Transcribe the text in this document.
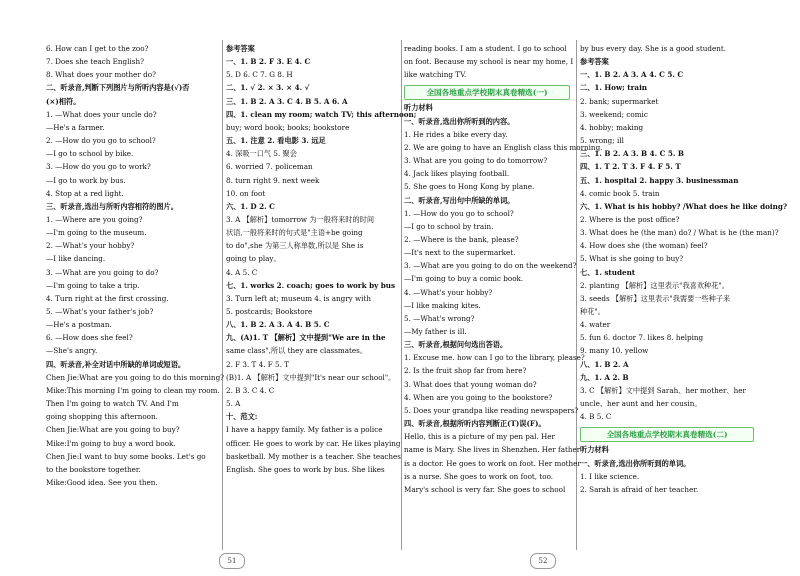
6. How can I get to the zoo?
7. Does she teach English?
8. What does your mother do?
二、听录音,判断下列图片与所听内容是(√)否
(×)相符。
1. —What does your uncle do?
—He's a farmer.
2. —How do you go to school?
—I go to school by bike.
3. —How do you go to work?
—I go to work by bus.
4. Stop at a red light.
三、听录音,选出与所听内容相符的图片。
1. —Where are you going?
—I'm going to the museum.
2. —What's your hobby?
—I like dancing.
3. —What are you going to do?
—I'm going to take a trip.
4. Turn right at the first crossing.
5. —What's your father's job?
—He's a postman.
6. —How does she feel?
—She's angry.
四、听录音,补全对话中所缺的单词或短语。
Chen Jie:What are you going to do this morning?
Mike:This morning I'm going to clean my room.
Then I'm going to watch TV. And I'm
going shopping this afternoon.
Chen Jie:What are you going to buy?
Mike:I'm going to buy a word book.
Chen Jie:I want to buy some books. Let's go
to the bookstore together.
Mike:Good idea. See you then.
参考答案
一、1. B 2. F 3. E 4. C
5. D 6. C 7. G 8. H
二、1. √ 2. × 3. × 4. √
三、1. B 2. A 3. C 4. B 5. A 6. A
四、1. clean my room; watch TV; this afternoon;
buy; word book; books; bookstore
五、1. 注意 2. 看电影 3. 远足
4. 深吸一口气 5. 聚会
6. worried 7. policeman
8. turn right 9. next week
10. on foot
六、1. D 2. C
3. A 【解析】tomorrow 为一般将来时的时间
状语,一般将来时的句式是"主语+be going
to do",she 为第三人称单数,所以是 She is
going to play。
4. A 5. C
七、1. works 2. coach; goes to work by bus
3. Turn left at; museum 4. is angry with
5. postcards; Bookstore
八、1. B 2. A 3. A 4. B 5. C
九、(A)1. T 【解析】文中提到"We are in the
same class",所以 they are classmates。
2. F 3. T 4. F 5. T
(B)1. A 【解析】文中提到"It's near our school"。
2. B 3. C 4. C
5. A
十、范文:
I have a happy family. My father is a police
officer. He goes to work by car. He likes playing
basketball. My mother is a teacher. She teaches
English. She goes to work by bus. She likes
reading books. I am a student. I go to school
on foot. Because my school is near my home, I
like watching TV.
全国各地重点学校期末真卷精选(一)
听力材料
一、听录音,选出你所听到的内容。
1. He rides a bike every day.
2. We are going to have an English class this morning.
3. What are you going to do tomorrow?
4. Jack likes playing football.
5. She goes to Hong Kong by plane.
二、听录音,写出句中所缺的单词。
1. —How do you go to school?
—I go to school by train.
2. —Where is the bank, please?
—It's next to the supermarket.
3. —What are you going to do on the weekend?
—I'm going to buy a comic book.
4. —What's your hobby?
—I like making kites.
5. —What's wrong?
—My father is ill.
三、听录音,根据问句选出答语。
1. Excuse me. how can I go to the library, please?
2. Is the fruit shop far from here?
3. What does that young woman do?
4. When are you going to the bookstore?
5. Does your grandpa like reading newspapers?
四、听录音,根据所听内容判断正(T)误(F)。
Hello, this is a picture of my pen pal. Her
name is Mary. She lives in Shenzhen. Her father
is a doctor. He goes to work on foot. Her mother
is a nurse. She goes to work on foot, too.
Mary's school is very far. She goes to school
by bus every day. She is a good student.
参考答案
一、1. B 2. A 3. A 4. C 5. C
二、1. How; train
2. bank; supermarket
3. weekend; comic
4. hobby; making
5. wrong; ill
三、1. B 2. A 3. B 4. C 5. B
四、1. T 2. T 3. F 4. F 5. T
五、1. hospital 2. happy 3. businessman
4. comic book 5. train
六、1. What is his hobby? /What does he like doing?
2. Where is the post office?
3. What does he (the man) do? / What is he (the man)?
4. How does she (the woman) feel?
5. What is she going to buy?
七、1. student
2. planting 【解析】这里表示"我喜欢种花"。
3. seeds 【解析】这里表示"我需要一些种子来
种花"。
4. water
5. fun 6. doctor 7. likes 8. helping
9. many 10. yellow
八、1. B 2. A
九、1. A 2. B
3. C 【解析】文中提到 Sarah、her mother、her
uncle、her aunt and her cousin。
4. B 5. C
全国各地重点学校期末真卷精选(二)
听力材料
一、听录音,选出你所听到的单词。
1. I like science.
2. Sarah is afraid of her teacher.
51	52
